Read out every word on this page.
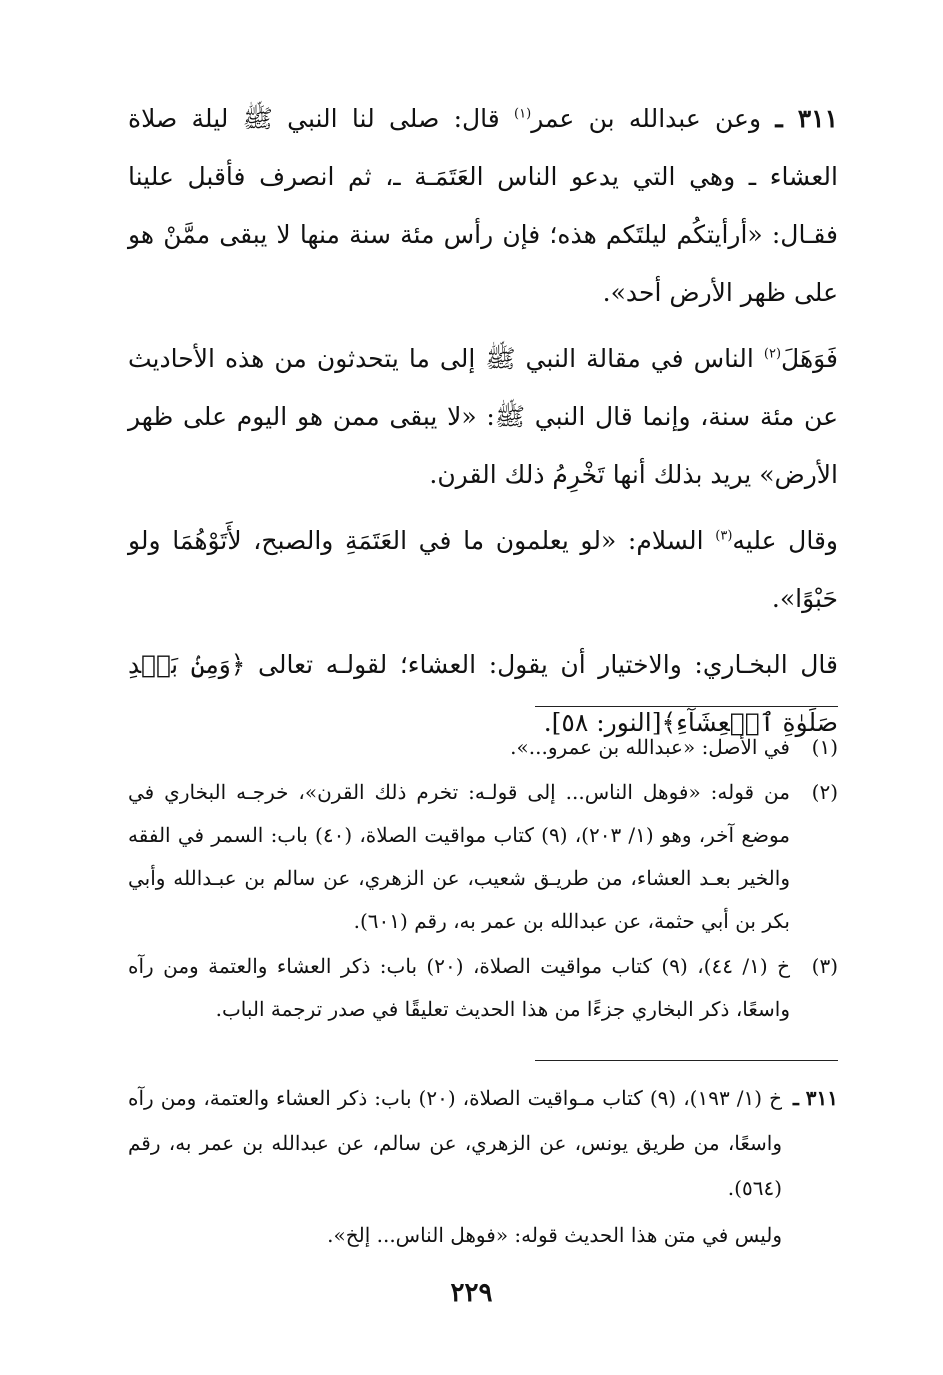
٣١١ ـ وعن عبدالله بن عمر$^{(١)}$ قال: صلى لنا النبي ﷺ ليلة صلاة العشاء ـ وهي التي يدعو الناس العَتَمَـة ـ، ثم انصرف فأقبل علينا فقـال: «أرأيتكُم ليلتَكم هذه؛ فإن رأس مئة سنة منها لا يبقى ممَّنْ هو على ظهر الأرض أحد».

فَوَهَلَ$^{(٢)}$ الناس في مقالة النبي ﷺ إلى ما يتحدثون من هذه الأحاديث عن مئة سنة، وإنما قال النبي ﷺ: «لا يبقى ممن هو اليوم على ظهر الأرض» يريد بذلك أنها تَخْرِمُ ذلك القرن.

وقال عليه$^{(٣)}$ السلام: «لو يعلمون ما في العَتَمَةِ والصبح، لأَتَوْهُمَا ولو حَبْوًا».

قال البخـاري: والاختيار أن يقول: العشاء؛ لقولـه تعالى ﴿وَمِنۢ بَعۡدِ صَلَوٰةِ ٱلۡعِشَآءِ﴾[النور: ٥٨].

(١)
في الأصل: «عبدالله بن عمرو...».
(٢)
من قوله: «فوهل الناس... إلى قولـه: تخرم ذلك القرن»، خرجـه البخاري في موضع آخر، وهو (١/ ٢٠٣)، (٩) كتاب مواقيت الصلاة، (٤٠) باب: السمر في الفقه والخير بعـد العشاء، من طريـق شعيب، عن الزهري، عن سالم بن عبـدالله وأبي بكر بن أبي حثمة، عن عبدالله بن عمر به، رقم (٦٠١).
(٣)
خ (١/ ٤٤)، (٩) كتاب مواقيت الصلاة، (٢٠) باب: ذكر العشاء والعتمة ومن رآه واسعًا، ذكر البخاري جزءًا من هذا الحديث تعليقًا في صدر ترجمة الباب.
٣١١ ـ
خ (١/ ١٩٣)، (٩) كتاب مـواقيت الصلاة، (٢٠) باب: ذكر العشاء والعتمة، ومن رآه واسعًا، من طريق يونس، عن الزهري، عن سالم، عن عبدالله بن عمر به، رقم (٥٦٤).
وليس في متن هذا الحديث قوله: «فوهل الناس... إلخ».
٢٢٩
